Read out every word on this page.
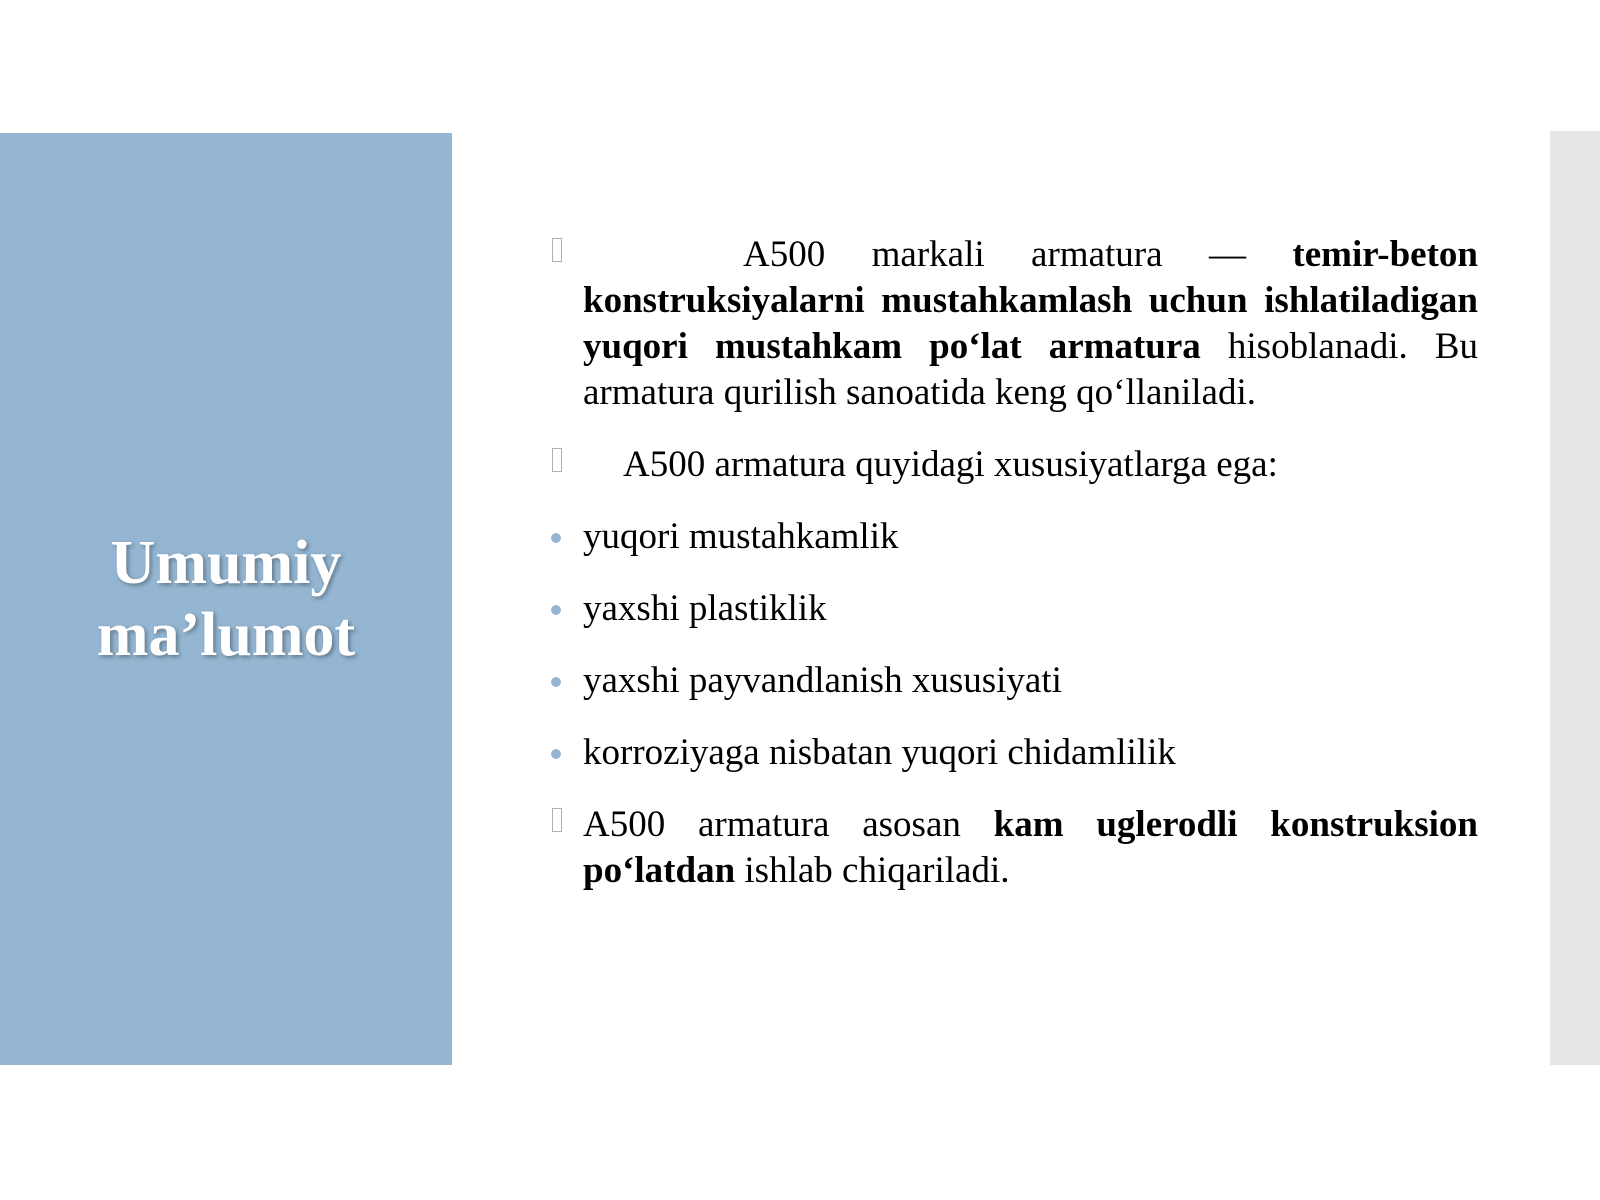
Umumiy ma’lumot
A500 markali armatura — temir-beton konstruksiyalarni mustahkamlash uchun ishlatiladigan yuqori mustahkam po‘lat armatura hisoblanadi. Bu armatura qurilish sanoatida keng qo‘llaniladi.
A500 armatura quyidagi xususiyatlarga ega:
yuqori mustahkamlik
yaxshi plastiklik
yaxshi payvandlanish xususiyati
korroziyaga nisbatan yuqori chidamlilik
A500 armatura asosan kam uglerodli konstruksion po‘latdan ishlab chiqariladi.
